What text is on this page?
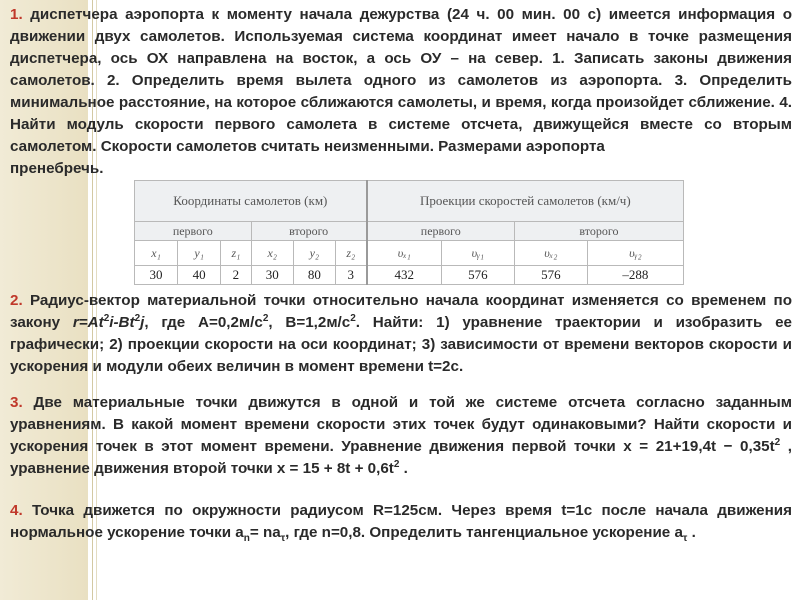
1. диспетчера аэропорта к моменту начала дежурства (24 ч. 00 мин. 00 с) имеется информация о движении двух самолетов. Используемая система координат имеет начало в точке размещения диспетчера, ось ОХ направлена на восток, а ось ОУ – на север. 1. Записать законы движения самолетов. 2. Определить время вылета одного из самолетов из аэропорта. 3. Определить минимальное расстояние, на которое сближаются самолеты, и время, когда произойдет сближение. 4. Найти модуль скорости первого самолета в системе отсчета, движущейся вместе со вторым самолетом. Скорости самолетов считать неизменными. Размерами аэропорта
пренебречь.
Координаты самолетов (км)						Проекции скоростей самолетов (км/ч)			
первого			второго			первого		второго	
x₁	y₁	z₁	x₂	y₂	z₂	υₓ₁	υᵧ₁	υₓ₂	υᵧ₂
30	40	2	30	80	3	432	576	576	–288
2. Радиус-вектор материальной точки относительно начала координат изменяется со временем по закону $r=At^2i-Bt^2j$, где $А=0,2м/с^2$, $В=1,2м/с^2$. Найти: 1) уравнение траектории и изобразить ее графически; 2) проекции скорости на оси координат; 3) зависимости от времени векторов скорости и ускорения и модули обеих величин в момент времени t=2с.
3. Две материальные точки движутся в одной и той же системе отсчета согласно заданным уравнениям. В какой момент времени скорости этих точек будут одинаковыми? Найти скорости и ускорения точек в этот момент времени. Уравнение движения первой точки $x = 21+19,4t - 0,35t^2$ , уравнение движения второй точки $x = 15 + 8t + 0,6t^2$ .
4. Точка движется по окружности радиусом R=125см. Через время t=1c после начала движения нормальное ускорение точки $a_n= na_\tau$, где n=0,8. Определить тангенциальное ускорение $a_\tau$ .
